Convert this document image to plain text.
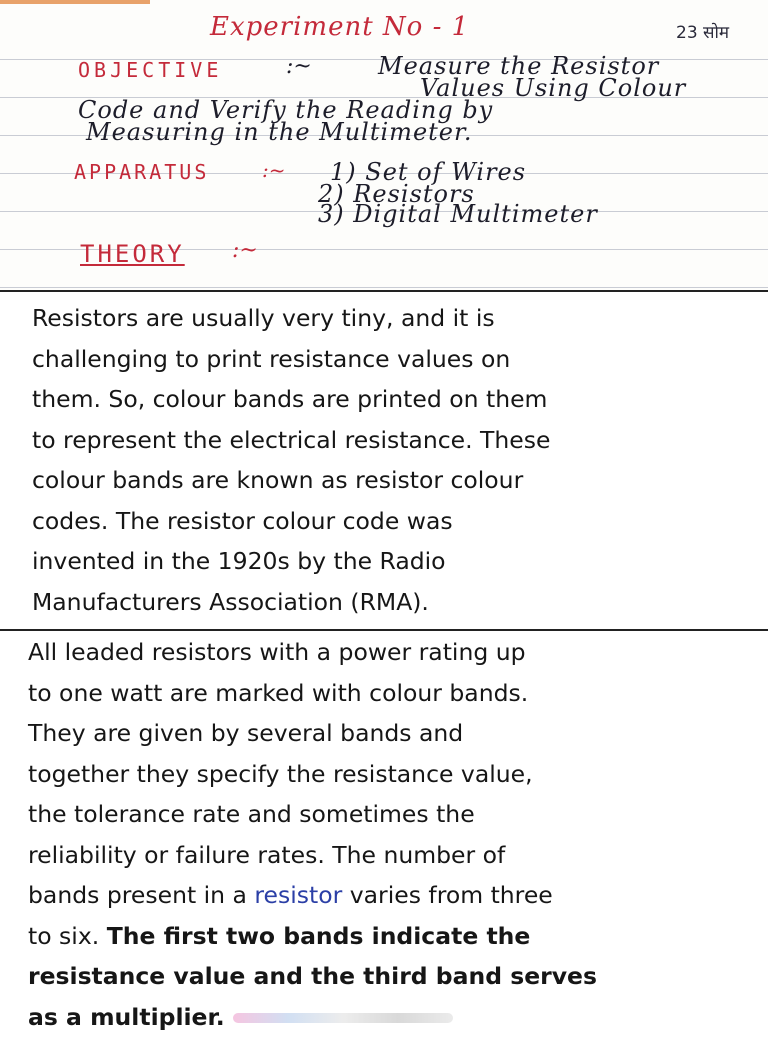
Experiment No - 1	23 सोम
OBJECTIVE	:~	Measure the Resistor
Values Using Colour
Code and Verify the Reading by
Measuring in the Multimeter.
APPARATUS	:~ 1) Set of Wires
2) Resistors
3) Digital Multimeter
THEORY :~
Resistors are usually very tiny, and it is
challenging to print resistance values on
them. So, colour bands are printed on them
to represent the electrical resistance. These
colour bands are known as resistor colour
codes. The resistor colour code was
invented in the 1920s by the Radio
Manufacturers Association (RMA).
All leaded resistors with a power rating up
to one watt are marked with colour bands.
They are given by several bands and
together they specify the resistance value,
the tolerance rate and sometimes the
reliability or failure rates. The number of
bands present in a resistor varies from three
to six. The first two bands indicate the
resistance value and the third band serves
as a multiplier.
